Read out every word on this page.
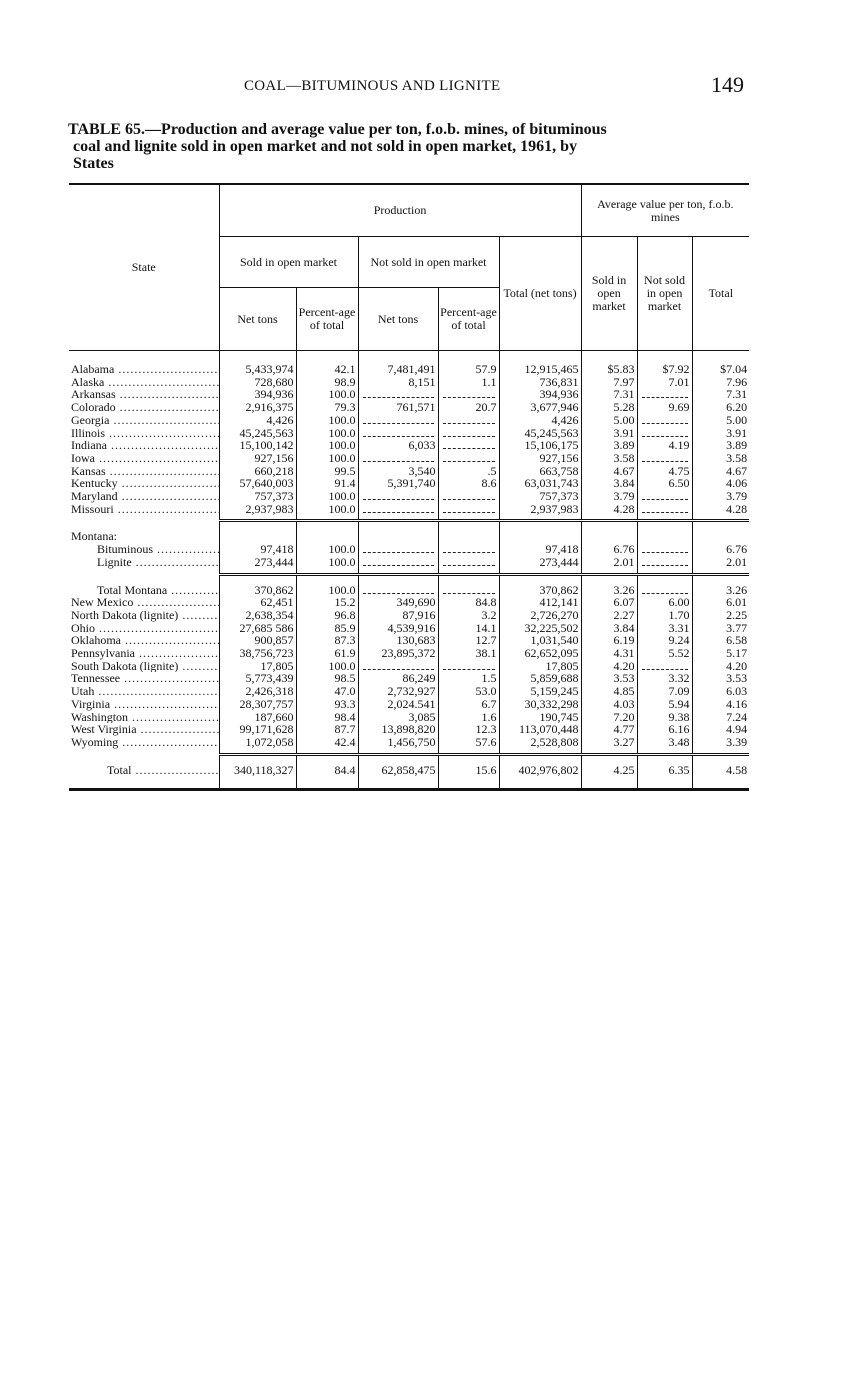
COAL—BITUMINOUS AND LIGNITE	149
TABLE 65.—Production and average value per ton, f.o.b. mines, of bituminous
coal and lignite sold in open market and not sold in open market, 1961, by
States
State	Production					Average value per ton, f.o.b. mines		
	Sold in open market		Not sold in open market		Total (net tons)	Sold in open market	Not sold in open market	Total
	Net tons	Percent-age of total	Net tons	Percent-age of total				

Alabama .....	5,433,974	42.1	7,481,491	57.9	12,915,465	$5.83	$7.92	$7.04
Alaska .....	728,680	98.9	8,151	1.1	736,831	7.97	7.01	7.96
Arkansas .....	394,936	100.0			394,936	7.31		7.31
Colorado .....	2,916,375	79.3	761,571	20.7	3,677,946	5.28	9.69	6.20
Georgia .....	4,426	100.0			4,426	5.00		5.00
Illinois .....	45,245,563	100.0			45,245,563	3.91		3.91
Indiana .....	15,100,142	100.0	6,033		15,106,175	3.89	4.19	3.89
Iowa .....	927,156	100.0			927,156	3.58		3.58
Kansas .....	660,218	99.5	3,540	.5	663,758	4.67	4.75	4.67
Kentucky .....	57,640,003	91.4	5,391,740	8.6	63,031,743	3.84	6.50	4.06
Maryland .....	757,373	100.0			757,373	3.79		3.79
Missouri .....	2,937,983	100.0			2,937,983	4.28		4.28

Montana:								
Bituminous .....	97,418	100.0			97,418	6.76		6.76
Lignite .....	273,444	100.0			273,444	2.01		2.01

Total Montana .....	370,862	100.0			370,862	3.26		3.26
New Mexico .....	62,451	15.2	349,690	84.8	412,141	6.07	6.00	6.01
North Dakota (lignite) .....	2,638,354	96.8	87,916	3.2	2,726,270	2.27	1.70	2.25
Ohio .....	27,685 586	85.9	4,539,916	14.1	32,225,502	3.84	3.31	3.77
Oklahoma .....	900,857	87.3	130,683	12.7	1,031,540	6.19	9.24	6.58
Pennsylvania .....	38,756,723	61.9	23,895,372	38.1	62,652,095	4.31	5.52	5.17
South Dakota (lignite) .....	17,805	100.0			17,805	4.20		4.20
Tennessee .....	5,773,439	98.5	86,249	1.5	5,859,688	3.53	3.32	3.53
Utah .....	2,426,318	47.0	2,732,927	53.0	5,159,245	4.85	7.09	6.03
Virginia .....	28,307,757	93.3	2,024.541	6.7	30,332,298	4.03	5.94	4.16
Washington .....	187,660	98.4	3,085	1.6	190,745	7.20	9.38	7.24
West Virginia .....	99,171,628	87.7	13,898,820	12.3	113,070,448	4.77	6.16	4.94
Wyoming .....	1,072,058	42.4	1,456,750	57.6	2,528,808	3.27	3.48	3.39

Total .....	340,118,327	84.4	62,858,475	15.6	402,976,802	4.25	6.35	4.58
